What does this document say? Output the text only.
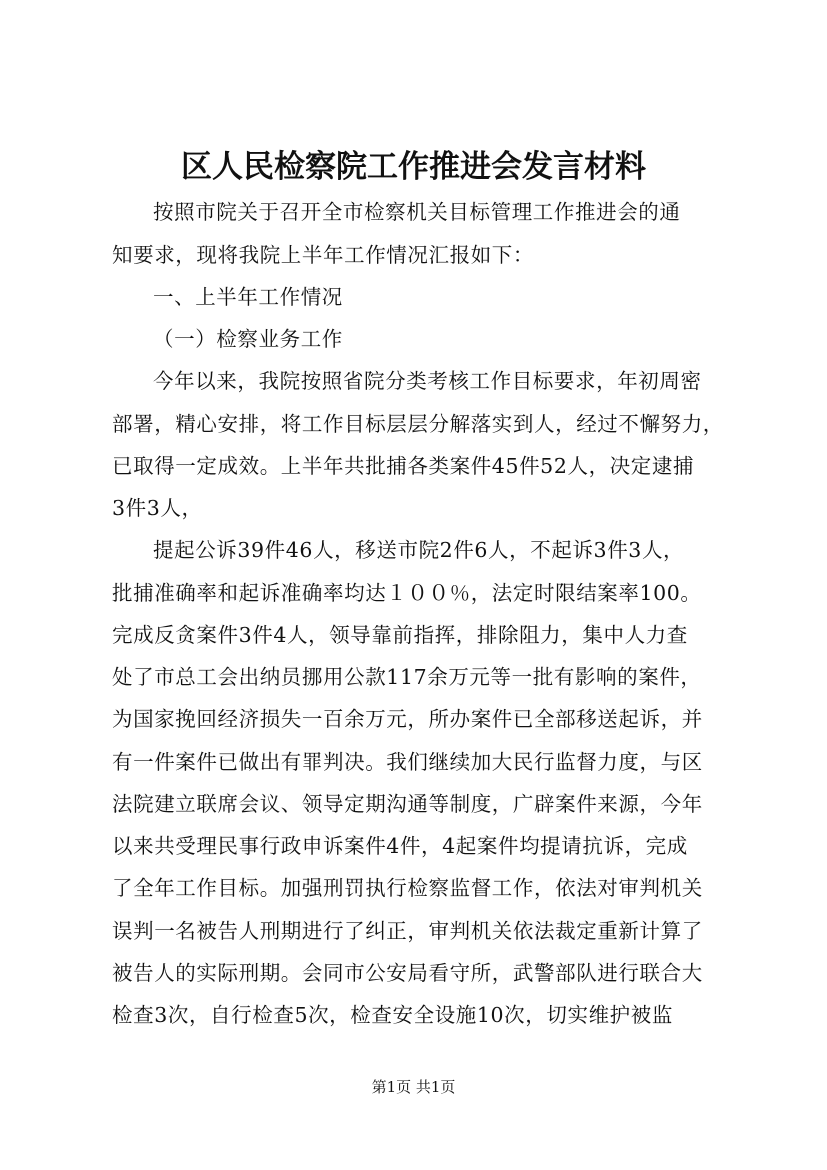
区人民检察院工作推进会发言材料
按照市院关于召开全市检察机关目标管理工作推进会的通
知要求，现将我院上半年工作情况汇报如下：
一、上半年工作情况
（一）检察业务工作
今年以来，我院按照省院分类考核工作目标要求，年初周密
部署，精心安排，将工作目标层层分解落实到人，经过不懈努力，
已取得一定成效。上半年共批捕各类案件45件52人，决定逮捕
3件3人，
提起公诉39件46人，移送市院2件6人，不起诉3件3人，
批捕准确率和起诉准确率均达１００％，法定时限结案率100。
完成反贪案件3件4人，领导靠前指挥，排除阻力，集中人力查
处了市总工会出纳员挪用公款117余万元等一批有影响的案件，
为国家挽回经济损失一百余万元，所办案件已全部移送起诉，并
有一件案件已做出有罪判决。我们继续加大民行监督力度，与区
法院建立联席会议、领导定期沟通等制度，广辟案件来源，今年
以来共受理民事行政申诉案件4件，4起案件均提请抗诉，完成
了全年工作目标。加强刑罚执行检察监督工作，依法对审判机关
误判一名被告人刑期进行了纠正，审判机关依法裁定重新计算了
被告人的实际刑期。会同市公安局看守所，武警部队进行联合大
检查3次，自行检查5次，检查安全设施10次，切实维护被监
第1页 共1页
